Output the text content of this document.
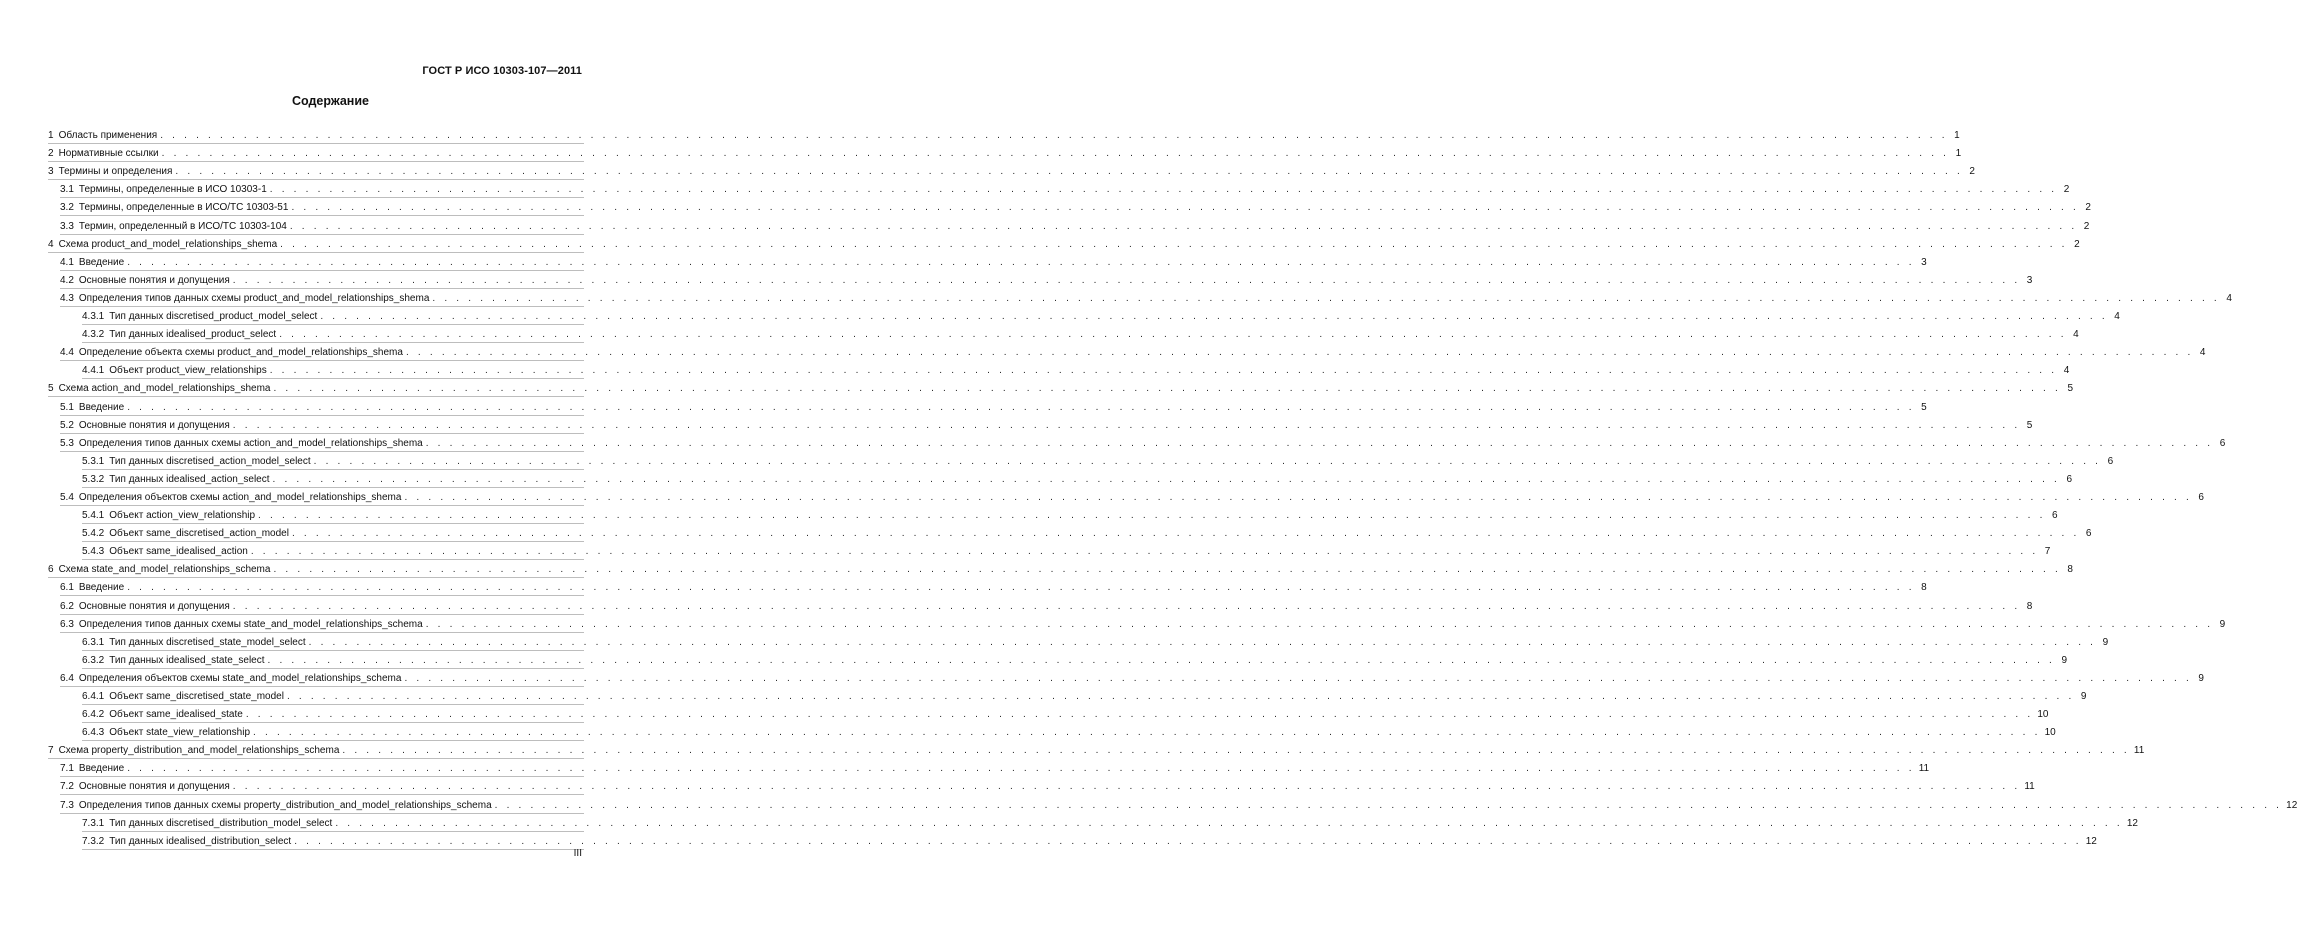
ГОСТ Р ИСО 10303-107—2011
Содержание
1 Область применения . . . . . . . . . . . . . . . . . . . . . . . . . . . . . . . . . . . . . . . . . . . . . . . . . . . . . . . . . . . . . . . . . . . . . . . . . . . . . . . . . . . . . . . . . . . . . . . . . . . . . . . . . . . . . . . . . . . . . . . . . . . . . . . . . . . . . . . . . . . . . . . . . . . . . . 1
2 Нормативные ссылки . . . . . . . . . . . . . . . . . . . . . . . . . . . . . . . . . . . . . . . . . . . . . . . . . . . . . . . . . . . . . . . . . . . . . . . . . . . . . . . . . . . . . . . . . . . . . . . . . . . . . . . . . . . . . . . . . . . . . . . . . . . . . . . . . . . . . . . . . . . . . . . . . . . . . . 1
3 Термины и определения . . . . . . . . . . . . . . . . . . . . . . . . . . . . . . . . . . . . . . . . . . . . . . . . . . . . . . . . . . . . . . . . . . . . . . . . . . . . . . . . . . . . . . . . . . . . . . . . . . . . . . . . . . . . . . . . . . . . . . . . . . . . . . . . . . . . . . . . . . . . . . . . . . . . . . 2
3.1 Термины, определенные в ИСО 10303-1 . . . . . . . . . . . . . . . . . . . . . . . . . . . . . . . . . . . . . . . . . . . . . . . . . . . . . . . . . . . . . . . . . . . . . . . . . . . . . . . . . . . . . . . . . . . . . . . . . . . . . . . . . . . . . . . . . . . . . . . . . . . . . . . . . . . . . . . . . . . . . . . . . . . . . . 2
3.2 Термины, определенные в ИСО/ТС 10303-51 . . . . . . . . . . . . . . . . . . . . . . . . . . . . . . . . . . . . . . . . . . . . . . . . . . . . . . . . . . . . . . . . . . . . . . . . . . . . . . . . . . . . . . . . . . . . . . . . . . . . . . . . . . . . . . . . . . . . . . . . . . . . . . . . . . . . . . . . . . . . . . . . . . . . . . 2
3.3 Термин, определенный в ИСО/ТС 10303-104 . . . . . . . . . . . . . . . . . . . . . . . . . . . . . . . . . . . . . . . . . . . . . . . . . . . . . . . . . . . . . . . . . . . . . . . . . . . . . . . . . . . . . . . . . . . . . . . . . . . . . . . . . . . . . . . . . . . . . . . . . . . . . . . . . . . . . . . . . . . . . . . . . . . . . . 2
4 Схема product_and_model_relationships_shema . . . . . . . . . . . . . . . . . . . . . . . . . . . . . . . . . . . . . . . . . . . . . . . . . . . . . . . . . . . . . . . . . . . . . . . . . . . . . . . . . . . . . . . . . . . . . . . . . . . . . . . . . . . . . . . . . . . . . . . . . . . . . . . . . . . . . . . . . . . . . . . . . . . . . . 2
4.1 Введение . . . . . . . . . . . . . . . . . . . . . . . . . . . . . . . . . . . . . . . . . . . . . . . . . . . . . . . . . . . . . . . . . . . . . . . . . . . . . . . . . . . . . . . . . . . . . . . . . . . . . . . . . . . . . . . . . . . . . . . . . . . . . . . . . . . . . . . . . . . . . . . . . . . . . . 3
4.2 Основные понятия и допущения . . . . . . . . . . . . . . . . . . . . . . . . . . . . . . . . . . . . . . . . . . . . . . . . . . . . . . . . . . . . . . . . . . . . . . . . . . . . . . . . . . . . . . . . . . . . . . . . . . . . . . . . . . . . . . . . . . . . . . . . . . . . . . . . . . . . . . . . . . . . . . . . . . . . . . 3
4.3 Определения типов данных схемы product_and_model_relationships_shema . . . . . . . . . . . . . . . . . . . . . . . . . . . . . . . . . . . . . . . . . . . . . . . . . . . . . . . . . . . . . . . . . . . . . . . . . . . . . . . . . . . . . . . . . . . . . . . . . . . . . . . . . . . . . . . . . . . . . . . . . . . . . . . . . . . . . . . . . . . . . . . . . . . . . . 4
4.3.1 Тип данных discretised_product_model_select . . . . . . . . . . . . . . . . . . . . . . . . . . . . . . . . . . . . . . . . . . . . . . . . . . . . . . . . . . . . . . . . . . . . . . . . . . . . . . . . . . . . . . . . . . . . . . . . . . . . . . . . . . . . . . . . . . . . . . . . . . . . . . . . . . . . . . . . . . . . . . . . . . . . . . 4
4.3.2 Тип данных idealised_product_select . . . . . . . . . . . . . . . . . . . . . . . . . . . . . . . . . . . . . . . . . . . . . . . . . . . . . . . . . . . . . . . . . . . . . . . . . . . . . . . . . . . . . . . . . . . . . . . . . . . . . . . . . . . . . . . . . . . . . . . . . . . . . . . . . . . . . . . . . . . . . . . . . . . . . . 4
4.4 Определение объекта схемы product_and_model_relationships_shema . . . . . . . . . . . . . . . . . . . . . . . . . . . . . . . . . . . . . . . . . . . . . . . . . . . . . . . . . . . . . . . . . . . . . . . . . . . . . . . . . . . . . . . . . . . . . . . . . . . . . . . . . . . . . . . . . . . . . . . . . . . . . . . . . . . . . . . . . . . . . . . . . . . . . . 4
4.4.1 Объект product_view_relationships . . . . . . . . . . . . . . . . . . . . . . . . . . . . . . . . . . . . . . . . . . . . . . . . . . . . . . . . . . . . . . . . . . . . . . . . . . . . . . . . . . . . . . . . . . . . . . . . . . . . . . . . . . . . . . . . . . . . . . . . . . . . . . . . . . . . . . . . . . . . . . . . . . . . . . 4
5 Схема action_and_model_relationships_shema . . . . . . . . . . . . . . . . . . . . . . . . . . . . . . . . . . . . . . . . . . . . . . . . . . . . . . . . . . . . . . . . . . . . . . . . . . . . . . . . . . . . . . . . . . . . . . . . . . . . . . . . . . . . . . . . . . . . . . . . . . . . . . . . . . . . . . . . . . . . . . . . . . . . . . 5
5.1 Введение . . . . . . . . . . . . . . . . . . . . . . . . . . . . . . . . . . . . . . . . . . . . . . . . . . . . . . . . . . . . . . . . . . . . . . . . . . . . . . . . . . . . . . . . . . . . . . . . . . . . . . . . . . . . . . . . . . . . . . . . . . . . . . . . . . . . . . . . . . . . . . . . . . . . . . 5
5.2 Основные понятия и допущения . . . . . . . . . . . . . . . . . . . . . . . . . . . . . . . . . . . . . . . . . . . . . . . . . . . . . . . . . . . . . . . . . . . . . . . . . . . . . . . . . . . . . . . . . . . . . . . . . . . . . . . . . . . . . . . . . . . . . . . . . . . . . . . . . . . . . . . . . . . . . . . . . . . . . . 5
5.3 Определения типов данных схемы action_and_model_relationships_shema . . . . . . . . . . . . . . . . . . . . . . . . . . . . . . . . . . . . . . . . . . . . . . . . . . . . . . . . . . . . . . . . . . . . . . . . . . . . . . . . . . . . . . . . . . . . . . . . . . . . . . . . . . . . . . . . . . . . . . . . . . . . . . . . . . . . . . . . . . . . . . . . . . . . . . 6
5.3.1 Тип данных discretised_action_model_select . . . . . . . . . . . . . . . . . . . . . . . . . . . . . . . . . . . . . . . . . . . . . . . . . . . . . . . . . . . . . . . . . . . . . . . . . . . . . . . . . . . . . . . . . . . . . . . . . . . . . . . . . . . . . . . . . . . . . . . . . . . . . . . . . . . . . . . . . . . . . . . . . . . . . . 6
5.3.2 Тип данных idealised_action_select . . . . . . . . . . . . . . . . . . . . . . . . . . . . . . . . . . . . . . . . . . . . . . . . . . . . . . . . . . . . . . . . . . . . . . . . . . . . . . . . . . . . . . . . . . . . . . . . . . . . . . . . . . . . . . . . . . . . . . . . . . . . . . . . . . . . . . . . . . . . . . . . . . . . . . 6
5.4 Определения объектов схемы action_and_model_relationships_shema . . . . . . . . . . . . . . . . . . . . . . . . . . . . . . . . . . . . . . . . . . . . . . . . . . . . . . . . . . . . . . . . . . . . . . . . . . . . . . . . . . . . . . . . . . . . . . . . . . . . . . . . . . . . . . . . . . . . . . . . . . . . . . . . . . . . . . . . . . . . . . . . . . . . . . 6
5.4.1 Объект action_view_relationship . . . . . . . . . . . . . . . . . . . . . . . . . . . . . . . . . . . . . . . . . . . . . . . . . . . . . . . . . . . . . . . . . . . . . . . . . . . . . . . . . . . . . . . . . . . . . . . . . . . . . . . . . . . . . . . . . . . . . . . . . . . . . . . . . . . . . . . . . . . . . . . . . . . . . . 6
5.4.2 Объект same_discretised_action_model . . . . . . . . . . . . . . . . . . . . . . . . . . . . . . . . . . . . . . . . . . . . . . . . . . . . . . . . . . . . . . . . . . . . . . . . . . . . . . . . . . . . . . . . . . . . . . . . . . . . . . . . . . . . . . . . . . . . . . . . . . . . . . . . . . . . . . . . . . . . . . . . . . . . . . 6
5.4.3 Объект same_idealised_action . . . . . . . . . . . . . . . . . . . . . . . . . . . . . . . . . . . . . . . . . . . . . . . . . . . . . . . . . . . . . . . . . . . . . . . . . . . . . . . . . . . . . . . . . . . . . . . . . . . . . . . . . . . . . . . . . . . . . . . . . . . . . . . . . . . . . . . . . . . . . . . . . . . . . . 7
6 Схема state_and_model_relationships_schema . . . . . . . . . . . . . . . . . . . . . . . . . . . . . . . . . . . . . . . . . . . . . . . . . . . . . . . . . . . . . . . . . . . . . . . . . . . . . . . . . . . . . . . . . . . . . . . . . . . . . . . . . . . . . . . . . . . . . . . . . . . . . . . . . . . . . . . . . . . . . . . . . . . . . . 8
6.1 Введение . . . . . . . . . . . . . . . . . . . . . . . . . . . . . . . . . . . . . . . . . . . . . . . . . . . . . . . . . . . . . . . . . . . . . . . . . . . . . . . . . . . . . . . . . . . . . . . . . . . . . . . . . . . . . . . . . . . . . . . . . . . . . . . . . . . . . . . . . . . . . . . . . . . . . . 8
6.2 Основные понятия и допущения . . . . . . . . . . . . . . . . . . . . . . . . . . . . . . . . . . . . . . . . . . . . . . . . . . . . . . . . . . . . . . . . . . . . . . . . . . . . . . . . . . . . . . . . . . . . . . . . . . . . . . . . . . . . . . . . . . . . . . . . . . . . . . . . . . . . . . . . . . . . . . . . . . . . . . 8
6.3 Определения типов данных схемы state_and_model_relationships_schema . . . . . . . . . . . . . . . . . . . . . . . . . . . . . . . . . . . . . . . . . . . . . . . . . . . . . . . . . . . . . . . . . . . . . . . . . . . . . . . . . . . . . . . . . . . . . . . . . . . . . . . . . . . . . . . . . . . . . . . . . . . . . . . . . . . . . . . . . . . . . . . . . . . . . . 9
6.3.1 Тип данных discretised_state_model_select . . . . . . . . . . . . . . . . . . . . . . . . . . . . . . . . . . . . . . . . . . . . . . . . . . . . . . . . . . . . . . . . . . . . . . . . . . . . . . . . . . . . . . . . . . . . . . . . . . . . . . . . . . . . . . . . . . . . . . . . . . . . . . . . . . . . . . . . . . . . . . . . . . . . . . 9
6.3.2 Тип данных idealised_state_select . . . . . . . . . . . . . . . . . . . . . . . . . . . . . . . . . . . . . . . . . . . . . . . . . . . . . . . . . . . . . . . . . . . . . . . . . . . . . . . . . . . . . . . . . . . . . . . . . . . . . . . . . . . . . . . . . . . . . . . . . . . . . . . . . . . . . . . . . . . . . . . . . . . . . . 9
6.4 Определения объектов схемы state_and_model_relationships_schema . . . . . . . . . . . . . . . . . . . . . . . . . . . . . . . . . . . . . . . . . . . . . . . . . . . . . . . . . . . . . . . . . . . . . . . . . . . . . . . . . . . . . . . . . . . . . . . . . . . . . . . . . . . . . . . . . . . . . . . . . . . . . . . . . . . . . . . . . . . . . . . . . . . . . . 9
6.4.1 Объект same_discretised_state_model . . . . . . . . . . . . . . . . . . . . . . . . . . . . . . . . . . . . . . . . . . . . . . . . . . . . . . . . . . . . . . . . . . . . . . . . . . . . . . . . . . . . . . . . . . . . . . . . . . . . . . . . . . . . . . . . . . . . . . . . . . . . . . . . . . . . . . . . . . . . . . . . . . . . . . 9
6.4.2 Объект same_idealised_state . . . . . . . . . . . . . . . . . . . . . . . . . . . . . . . . . . . . . . . . . . . . . . . . . . . . . . . . . . . . . . . . . . . . . . . . . . . . . . . . . . . . . . . . . . . . . . . . . . . . . . . . . . . . . . . . . . . . . . . . . . . . . . . . . . . . . . . . . . . . . . . . . . . . . . 10
6.4.3 Объект state_view_relationship . . . . . . . . . . . . . . . . . . . . . . . . . . . . . . . . . . . . . . . . . . . . . . . . . . . . . . . . . . . . . . . . . . . . . . . . . . . . . . . . . . . . . . . . . . . . . . . . . . . . . . . . . . . . . . . . . . . . . . . . . . . . . . . . . . . . . . . . . . . . . . . . . . . . . . 10
7 Схема property_distribution_and_model_relationships_schema . . . . . . . . . . . . . . . . . . . . . . . . . . . . . . . . . . . . . . . . . . . . . . . . . . . . . . . . . . . . . . . . . . . . . . . . . . . . . . . . . . . . . . . . . . . . . . . . . . . . . . . . . . . . . . . . . . . . . . . . . . . . . . . . . . . . . . . . . . . . . . . . . . . . . . 11
7.1 Введение . . . . . . . . . . . . . . . . . . . . . . . . . . . . . . . . . . . . . . . . . . . . . . . . . . . . . . . . . . . . . . . . . . . . . . . . . . . . . . . . . . . . . . . . . . . . . . . . . . . . . . . . . . . . . . . . . . . . . . . . . . . . . . . . . . . . . . . . . . . . . . . . . . . . . . 11
7.2 Основные понятия и допущения . . . . . . . . . . . . . . . . . . . . . . . . . . . . . . . . . . . . . . . . . . . . . . . . . . . . . . . . . . . . . . . . . . . . . . . . . . . . . . . . . . . . . . . . . . . . . . . . . . . . . . . . . . . . . . . . . . . . . . . . . . . . . . . . . . . . . . . . . . . . . . . . . . . . . . 11
7.3 Определения типов данных схемы property_distribution_and_model_relationships_schema . . . . . . . . . . . . . . . . . . . . . . . . . . . . . . . . . . . . . . . . . . . . . . . . . . . . . . . . . . . . . . . . . . . . . . . . . . . . . . . . . . . . . . . . . . . . . . . . . . . . . . . . . . . . . . . . . . . . . . . . . . . . . . . . . . . . . . . . . . . . . . . . . . . . . . 12
7.3.1 Тип данных discretised_distribution_model_select . . . . . . . . . . . . . . . . . . . . . . . . . . . . . . . . . . . . . . . . . . . . . . . . . . . . . . . . . . . . . . . . . . . . . . . . . . . . . . . . . . . . . . . . . . . . . . . . . . . . . . . . . . . . . . . . . . . . . . . . . . . . . . . . . . . . . . . . . . . . . . . . . . . . . . 12
7.3.2 Тип данных idealised_distribution_select . . . . . . . . . . . . . . . . . . . . . . . . . . . . . . . . . . . . . . . . . . . . . . . . . . . . . . . . . . . . . . . . . . . . . . . . . . . . . . . . . . . . . . . . . . . . . . . . . . . . . . . . . . . . . . . . . . . . . . . . . . . . . . . . . . . . . . . . . . . . . . . . . . . . . . 12
III
